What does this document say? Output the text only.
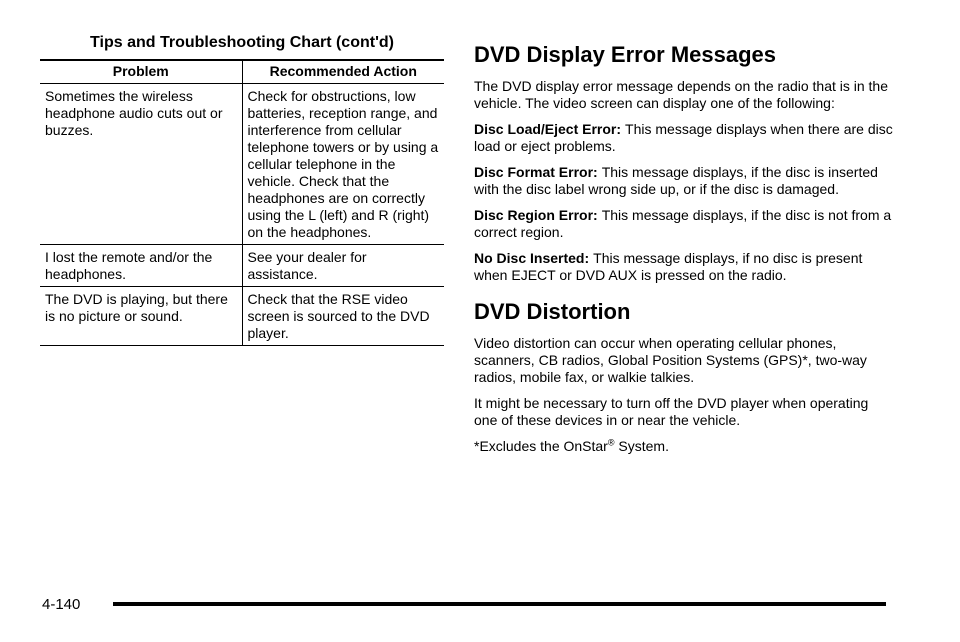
Tips and Troubleshooting Chart (cont'd)
Problem	Recommended Action
Sometimes the wireless headphone audio cuts out or buzzes.	Check for obstructions, low batteries, reception range, and interference from cellular telephone towers or by using a cellular telephone in the vehicle. Check that the headphones are on correctly using the L (left) and R (right) on the headphones.
I lost the remote and/or the headphones.	See your dealer for assistance.
The DVD is playing, but there is no picture or sound.	Check that the RSE video screen is sourced to the DVD player.
DVD Display Error Messages

The DVD display error message depends on the radio that is in the vehicle. The video screen can display one of the following:

Disc Load/Eject Error: This message displays when there are disc load or eject problems.

Disc Format Error: This message displays, if the disc is inserted with the disc label wrong side up, or if the disc is damaged.

Disc Region Error: This message displays, if the disc is not from a correct region.

No Disc Inserted: This message displays, if no disc is present when EJECT or DVD AUX is pressed on the radio.

DVD Distortion

Video distortion can occur when operating cellular phones, scanners, CB radios, Global Position Systems (GPS)*, two-way radios, mobile fax, or walkie talkies.

It might be necessary to turn off the DVD player when operating one of these devices in or near the vehicle.

*Excludes the OnStar® System.

4-140
